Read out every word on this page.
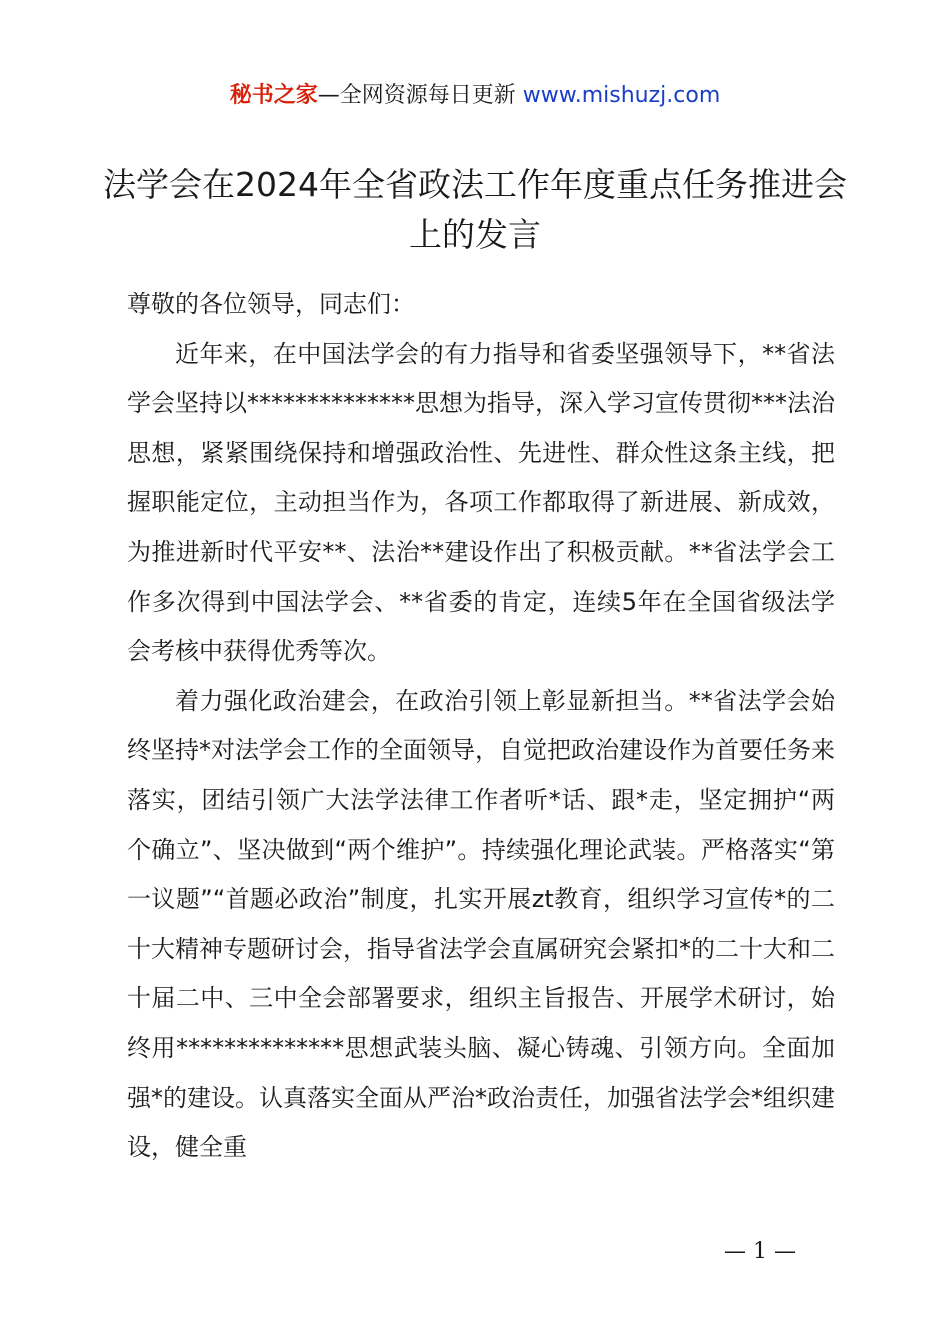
秘书之家—全网资源每日更新 www.mishuzj.com
法学会在2024年全省政法工作年度重点任务推进会上的发言

尊敬的各位领导，同志们：

近年来，在中国法学会的有力指导和省委坚强领导下，**省法学会坚持以**************思想为指导，深入学习宣传贯彻***法治思想，紧紧围绕保持和增强政治性、先进性、群众性这条主线，把握职能定位，主动担当作为，各项工作都取得了新进展、新成效，为推进新时代平安**、法治**建设作出了积极贡献。**省法学会工作多次得到中国法学会、**省委的肯定，连续5年在全国省级法学会考核中获得优秀等次。

着力强化政治建会，在政治引领上彰显新担当。**省法学会始终坚持*对法学会工作的全面领导，自觉把政治建设作为首要任务来落实，团结引领广大法学法律工作者听*话、跟*走，坚定拥护“两个确立”、坚决做到“两个维护”。持续强化理论武装。严格落实“第一议题”“首题必政治”制度，扎实开展zt教育，组织学习宣传*的二十大精神专题研讨会，指导省法学会直属研究会紧扣*的二十大和二十届二中、三中全会部署要求，组织主旨报告、开展学术研讨，始终用**************思想武装头脑、凝心铸魂、引领方向。全面加强*的建设。认真落实全面从严治*政治责任，加强省法学会*组织建设，健全重

— 1 —
